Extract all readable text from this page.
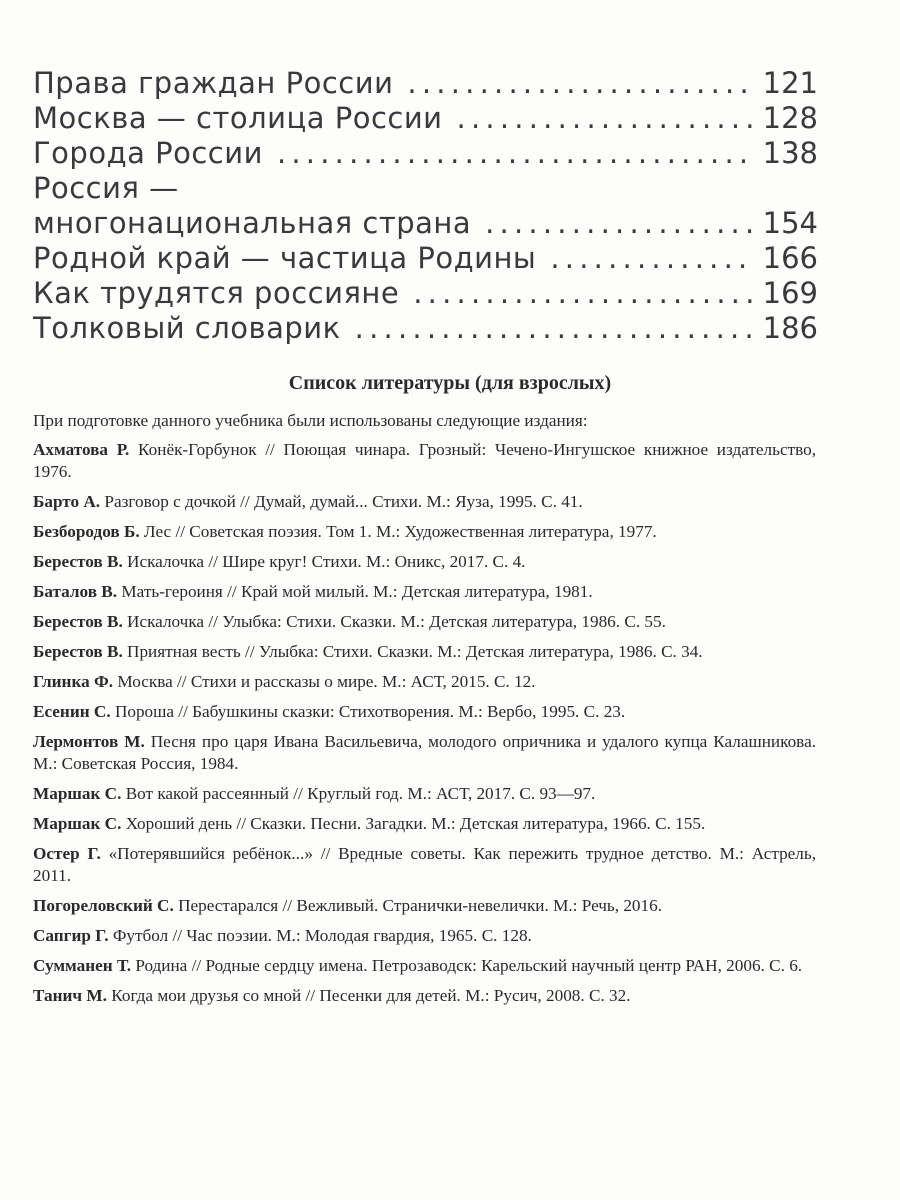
Права граждан России . . .	121
Москва — столица России . . .	128
Города России . . .	138
Россия —
многонациональная страна . . .	154
Родной край — частица Родины . . .	166
Как трудятся россияне . . .	169
Толковый словарик . . .	186
Список литературы (для взрослых)
При подготовке данного учебника были использованы следующие издания:
Ахматова Р. Конёк-Горбунок // Поющая чинара. Грозный: Чечено-Ингушское книжное издательство, 1976.
Барто А. Разговор с дочкой // Думай, думай... Стихи. М.: Яуза, 1995. С. 41.
Безбородов Б. Лес // Советская поэзия. Том 1. М.: Художественная литература, 1977.
Берестов В. Искалочка // Шире круг! Стихи. М.: Оникс, 2017. С. 4.
Баталов В. Мать-героиня // Край мой милый. М.: Детская литература, 1981.
Берестов В. Искалочка // Улыбка: Стихи. Сказки. М.: Детская литература, 1986. С. 55.
Берестов В. Приятная весть // Улыбка: Стихи. Сказки. М.: Детская литература, 1986. С. 34.
Глинка Ф. Москва // Стихи и рассказы о мире. М.: АСТ, 2015. С. 12.
Есенин С. Пороша // Бабушкины сказки: Стихотворения. М.: Вербо, 1995. С. 23.
Лермонтов М. Песня про царя Ивана Васильевича, молодого опричника и удалого купца Калашникова. М.: Советская Россия, 1984.
Маршак С. Вот какой рассеянный // Круглый год. М.: АСТ, 2017. С. 93—97.
Маршак С. Хороший день // Сказки. Песни. Загадки. М.: Детская литература, 1966. С. 155.
Остер Г. «Потерявшийся ребёнок...» // Вредные советы. Как пережить трудное детство. М.: Астрель, 2011.
Погореловский С. Перестарался // Вежливый. Странички-невелички. М.: Речь, 2016.
Сапгир Г. Футбол // Час поэзии. М.: Молодая гвардия, 1965. С. 128.
Сумманен Т. Родина // Родные сердцу имена. Петрозаводск: Карельский научный центр РАН, 2006. С. 6.
Танич М. Когда мои друзья со мной // Песенки для детей. М.: Русич, 2008. С. 32.
